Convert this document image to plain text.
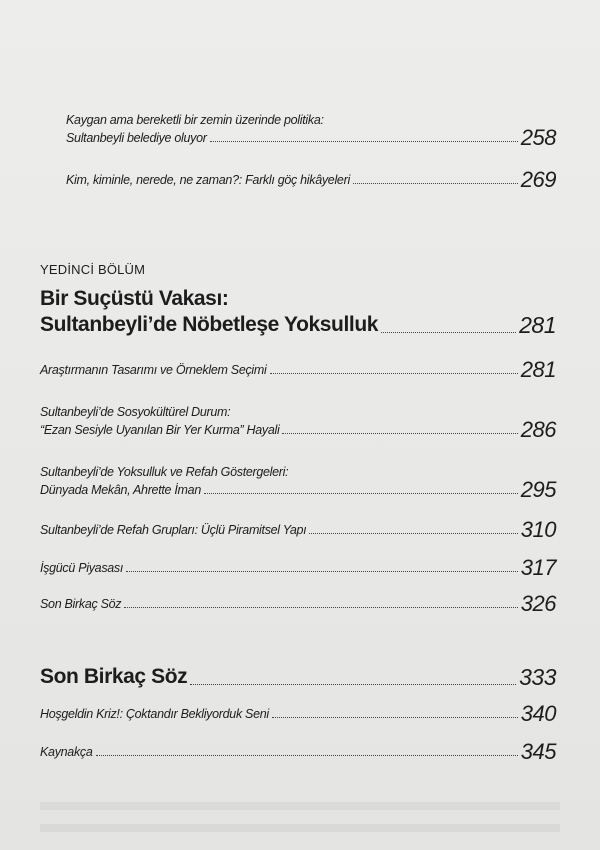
Kaygan ama bereketli bir zemin üzerinde politika:
Sultanbeyli belediye oluyor	258
Kim, kiminle, nerede, ne zaman?: Farklı göç hikâyeleri	269
YEDİNCİ BÖLÜM
Bir Suçüstü Vakası:
Sultanbeyli’de Nöbetleşe Yoksulluk	281
Araştırmanın Tasarımı ve Örneklem Seçimi	281
Sultanbeyli’de Sosyokültürel Durum:
“Ezan Sesiyle Uyanılan Bir Yer Kurma” Hayali	286
Sultanbeyli’de Yoksulluk ve Refah Göstergeleri:
Dünyada Mekân, Ahrette İman	295
Sultanbeyli’de Refah Grupları: Üçlü Piramitsel Yapı	310
İşgücü Piyasası	317
Son Birkaç Söz	326
Son Birkaç Söz	333
Hoşgeldin Kriz!: Çoktandır Bekliyorduk Seni	340
Kaynakça	345
